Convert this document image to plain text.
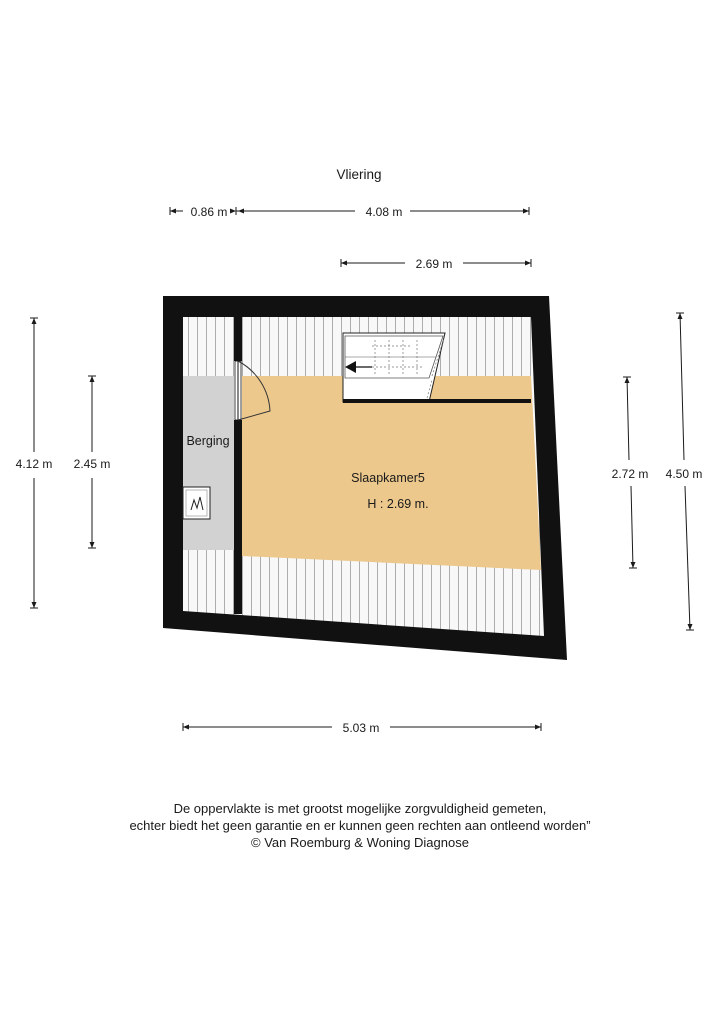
Vliering
0.86 m	4.08 m
2.69 m
4.12 m 2.45 m
2.72 m 4.50 m
5.03 m
Berging
Slaapkamer5
H : 2.69 m.
De oppervlakte is met grootst mogelijke zorgvuldigheid gemeten,
echter biedt het geen garantie en er kunnen geen rechten aan ontleend worden”
© Van Roemburg & Woning Diagnose
